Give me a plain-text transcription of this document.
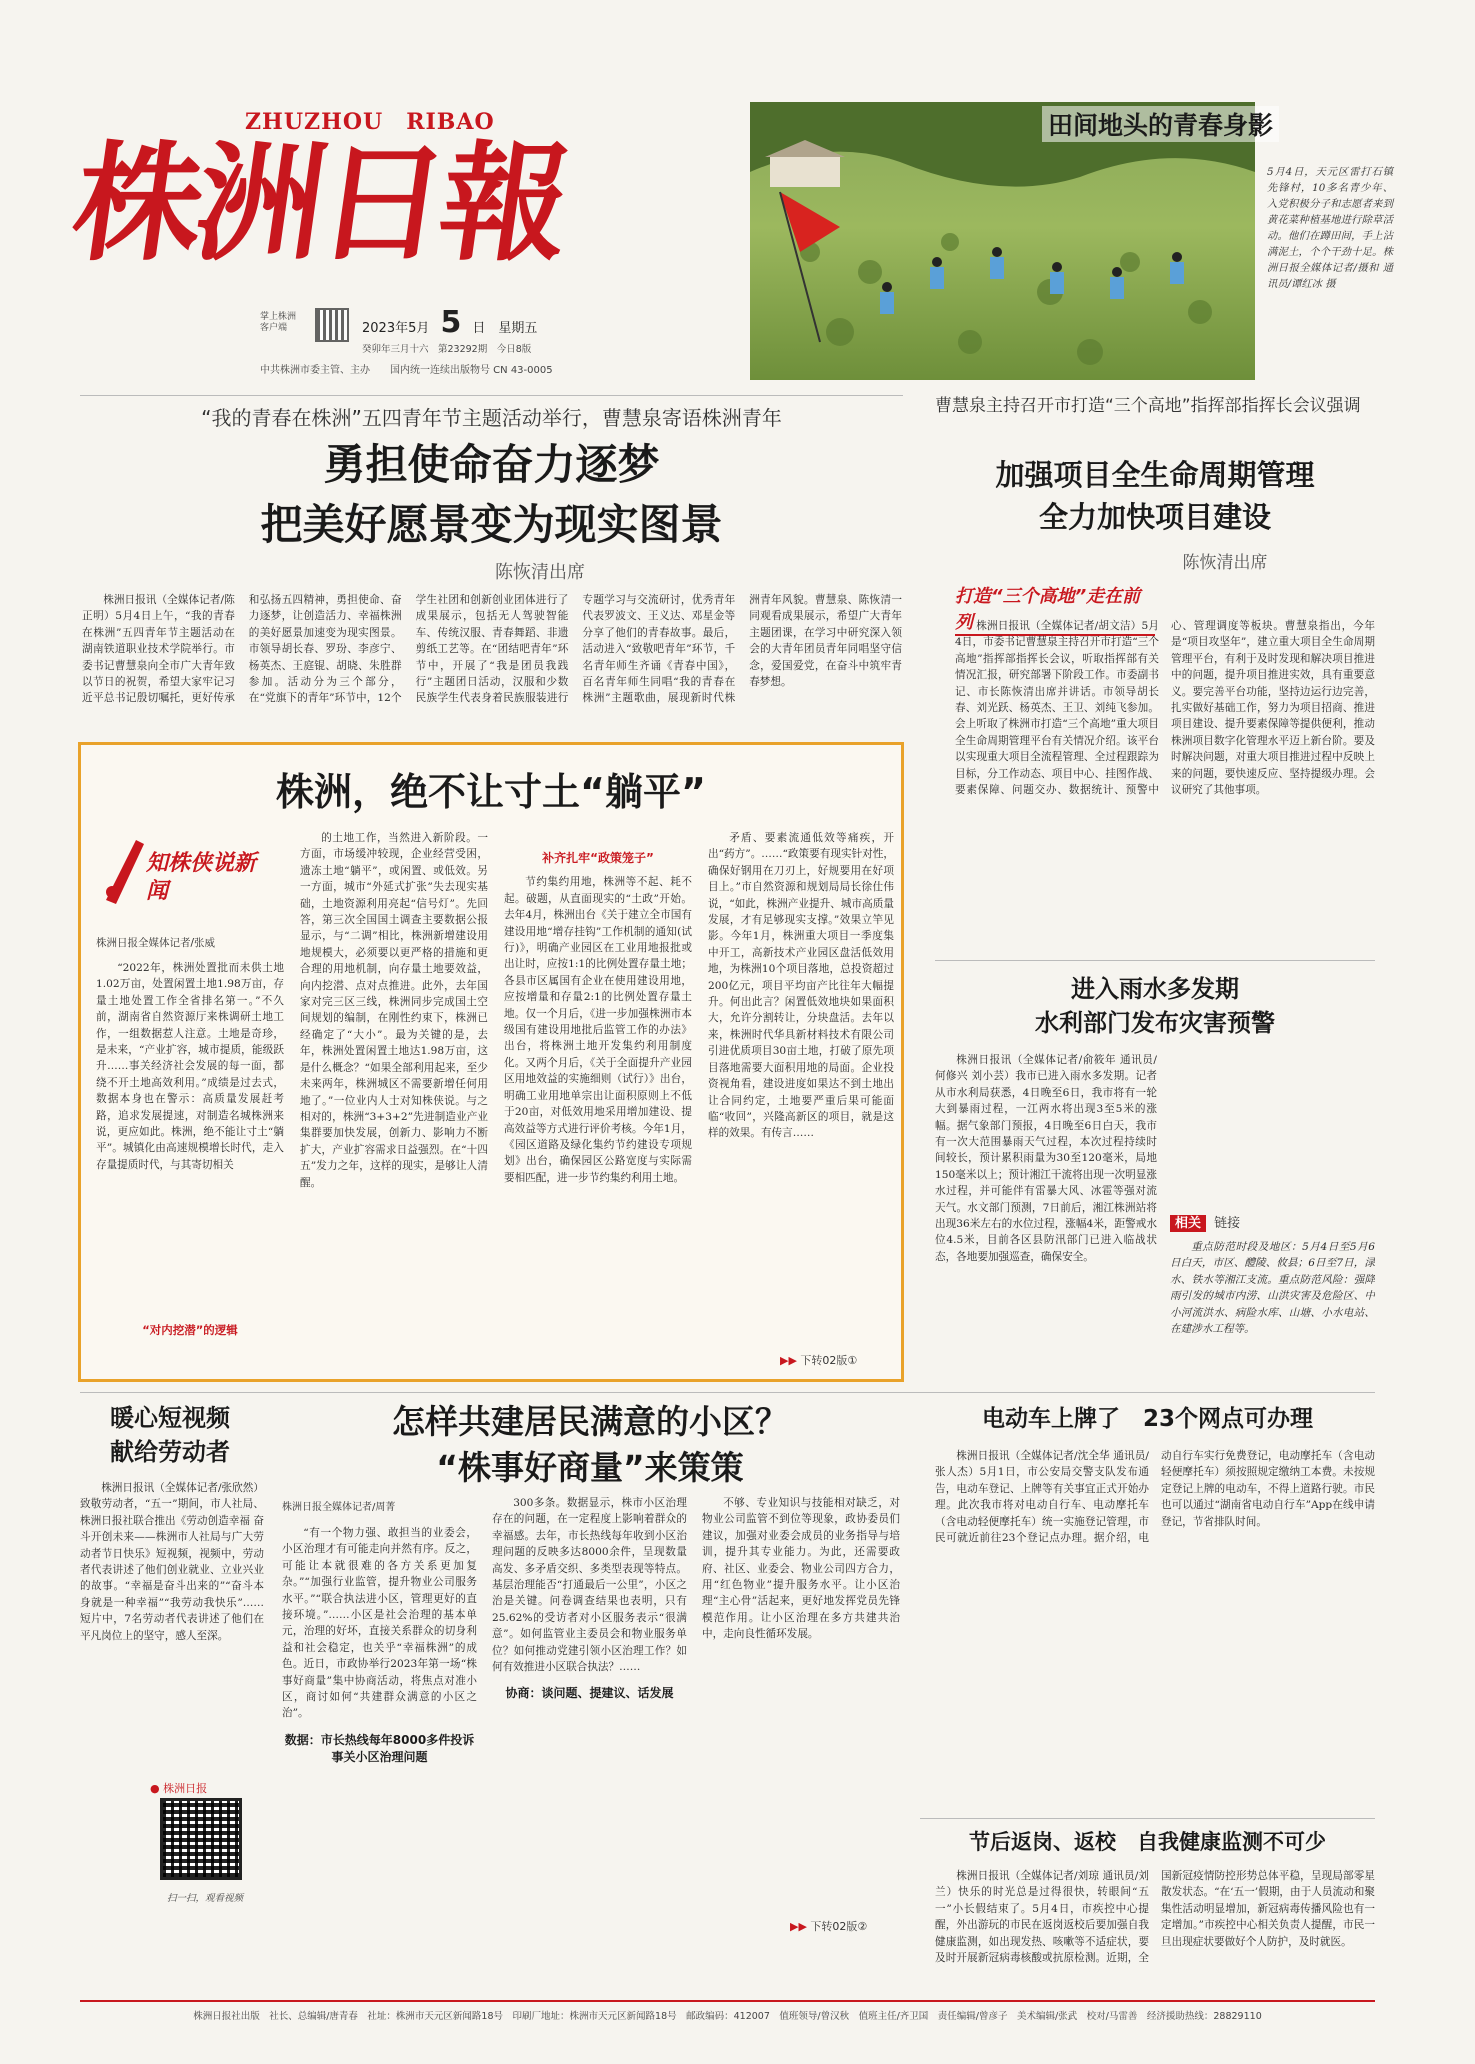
ZHUZHOU　RIBAO
株洲日報
掌上株洲
客户端	2023年5月 5 日　星期五
癸卯年三月十六　第23292期　今日8版
中共株洲市委主管、主办　　国内统一连续出版物号 CN 43-0005
田间地头的青春身影
5月4日，天元区雷打石镇先锋村，10多名青少年、入党积极分子和志愿者来到黄花菜种植基地进行除草活动。他们在蹲田间，手上沾满泥土，个个干劲十足。株洲日报全媒体记者/摄和 通讯员/谭红冰 摄
“我的青春在株洲”五四青年节主题活动举行，曹慧泉寄语株洲青年
勇担使命奋力逐梦
把美好愿景变为现实图景
陈恢清出席

株洲日报讯（全媒体记者/陈正明）5月4日上午，“我的青春在株洲”五四青年节主题活动在湖南铁道职业技术学院举行。市委书记曹慧泉向全市广大青年致以节日的祝贺，希望大家牢记习近平总书记殷切嘱托，更好传承和弘扬五四精神，勇担使命、奋力逐梦，让创造活力、幸福株洲的美好愿景加速变为现实图景。市领导胡长春、罗玢、李彦宁、杨英杰、王庭锟、胡晓、朱胜群参加。活动分为三个部分，在“党旗下的青年”环节中，12个学生社团和创新创业团体进行了成果展示，包括无人驾驶智能车、传统汉服、青春舞蹈、非遗剪纸工艺等。在“团结吧青年”环节中，开展了“我是团员我践行”主题团日活动，汉服和少数民族学生代表身着民族服装进行专题学习与交流研讨，优秀青年代表罗波文、王义达、邓星金等分享了他们的青春故事。最后，活动进入“致敬吧青年”环节，千名青年师生齐诵《青春中国》，百名青年师生同唱“我的青春在株洲”主题歌曲，展现新时代株洲青年风貌。曹慧泉、陈恢清一同观看成果展示，希望广大青年主题团课，在学习中研究深入领会的大青年团员青年同唱坚守信念，爱国爱党，在奋斗中筑牢青春梦想。

曹慧泉主持召开市打造“三个高地”指挥部指挥长会议强调
加强项目全生命周期管理
全力加快项目建设
陈恢清出席
打造“三个高地”走在前列 株洲日报讯（全媒体记者/胡文洁）5月4日，市委书记曹慧泉主持召开市打造“三个高地”指挥部指挥长会议，听取指挥部有关情况汇报，研究部署下阶段工作。市委副书记、市长陈恢清出席并讲话。市领导胡长春、刘光跃、杨英杰、王卫、刘纯飞参加。会上听取了株洲市打造“三个高地”重大项目全生命周期管理平台有关情况介绍。该平台以实现重大项目全流程管理、全过程跟踪为目标，分工作动态、项目中心、挂图作战、要素保障、问题交办、数据统计、预警中心、管理调度等板块。曹慧泉指出，今年是“项目攻坚年”，建立重大项目全生命周期管理平台，有利于及时发现和解决项目推进中的问题，提升项目推进实效，具有重要意义。要完善平台功能，坚持边运行边完善，扎实做好基础工作，努力为项目招商、推进项目建设、提升要素保障等提供便利，推动株洲项目数字化管理水平迈上新台阶。要及时解决问题，对重大项目推进过程中反映上来的问题，要快速反应、坚持提级办理。会议研究了其他事项。

株洲，绝不让寸土“躺平”
知株侠说新闻
株洲日报全媒体记者/张威

“2022年，株洲处置批而未供土地1.02万亩，处置闲置土地1.98万亩，存量土地处置工作全省排名第一。”不久前，湖南省自然资源厅来株调研土地工作，一组数据惹人注意。土地是奇珍，是未来，“产业扩容，城市提质，能级跃升……事关经济社会发展的每一面，都绕不开土地高效利用。”成绩是过去式，数据本身也在警示：高质量发展赶考路，追求发展提速，对制造名城株洲来说，更应如此。株洲，绝不能让寸土“躺平”。城镇化由高速规模增长时代，走入存量提质时代，与其寄切相关

“对内挖潜”的逻辑

的土地工作，当然进入新阶段。一方面，市场缓冲较现，企业经营受困，遗冻土地“躺平”，或闲置、或低效。另一方面，城市“外延式扩张”失去现实基础，土地资源利用亮起“信号灯”。先回答，第三次全国国土调查主要数据公报显示，与“二调”相比，株洲新增建设用地规模大，必须要以更严格的措施和更合理的用地机制，向存量土地要效益，向内挖潜、点对点推进。此外，去年国家对完三区三线，株洲同步完成国土空间规划的编制，在刚性约束下，株洲已经确定了“大小”。最为关键的是，去年，株洲处置闲置土地达1.98万亩，这是什么概念？“如果全部利用起来，至少未来两年，株洲城区不需要新增任何用地了。”一位业内人士对知株侠说。与之相对的，株洲“3+3+2”先进制造业产业集群要加快发展，创新力、影响力不断扩大，产业扩容需求日益强烈。在“十四五”发力之年，这样的现实，是够让人清醒。

补齐扎牢“政策笼子”

节约集约用地，株洲等不起、耗不起。破题，从直面现实的“土政”开始。去年4月，株洲出台《关于建立全市国有建设用地“增存挂钩”工作机制的通知(试行)》，明确产业园区在工业用地报批或出让时，应按1:1的比例处置存量土地；各县市区属国有企业在使用建设用地，应按增量和存量2:1的比例处置存量土地。仅一个月后，《进一步加强株洲市本级国有建设用地批后监管工作的办法》出台，将株洲土地开发集约利用制度化。又两个月后，《关于全面提升产业园区用地效益的实施细则（试行）》出台，明确工业用地单宗出让面积原则上不低于20亩，对低效用地采用增加建设、提高效益等方式进行评价考核。今年1月，《园区道路及绿化集约节约建设专项规划》出台，确保园区公路宽度与实际需要相匹配，进一步节约集约利用土地。

矛盾、要素流通低效等痛疾，开出“药方”。……“政策要有现实针对性，确保好钢用在刀刃上，好规要用在好项目上。”市自然资源和规划局局长徐仕伟说，“如此，株洲产业提升、城市高质量发展，才有足够现实支撑。”效果立竿见影。今年1月，株洲重大项目一季度集中开工，高新技术产业园区盘活低效用地，为株洲10个项目落地，总投资超过200亿元，项目平均亩产比往年大幅提升。何出此言？闲置低效地块如果面积大，允许分割转让，分块盘活。去年以来，株洲时代华具新材料技术有限公司引进优质项目30亩土地，打破了原先项目落地需要大面积用地的局面。企业投资视角看，建设进度如果达不到土地出让合同约定，土地要严重后果可能面临“收回”，兴隆高新区的项目，就是这样的效果。有传言……

▶▶ 下转02版①
进入雨水多发期
水利部门发布灾害预警

株洲日报讯（全媒体记者/俞筱年 通讯员/何修兴 刘小芸）我市已进入雨水多发期。记者从市水利局获悉，4日晚至6日，我市将有一轮大到暴雨过程，一江两水将出现3至5米的涨幅。据气象部门预报，4日晚至6日白天，我市有一次大范围暴雨天气过程，本次过程持续时间较长，预计累积雨量为30至120毫米，局地150毫米以上；预计湘江干流将出现一次明显涨水过程，并可能伴有雷暴大风、冰雹等强对流天气。水文部门预测，7日前后，湘江株洲站将出现36米左右的水位过程，涨幅4米，距警戒水位4.5米，目前各区县防汛部门已进入临战状态，各地要加强巡查，确保安全。

相关 链接

重点防范时段及地区：5月4日至5月6日白天，市区、醴陵、攸县；6日至7日，渌水、铁水等湘江支流。重点防范风险：强降雨引发的城市内涝、山洪灾害及危险区、中小河流洪水、病险水库、山塘、小水电站、在建涉水工程等。

暖心短视频
献给劳动者

株洲日报讯（全媒体记者/张欣然）致敬劳动者，“五一”期间，市人社局、株洲日报社联合推出《劳动创造幸福 奋斗开创未来——株洲市人社局与广大劳动者节日快乐》短视频，视频中，劳动者代表讲述了他们创业就业、立业兴业的故事。“幸福是奋斗出来的”“奋斗本身就是一种幸福”“我劳动我快乐”……短片中，7名劳动者代表讲述了他们在平凡岗位上的坚守，感人至深。

● 株洲日报
扫一扫，观看视频
怎样共建居民满意的小区？
“株事好商量”来策策
株洲日报全媒体记者/周菁

“有一个物力强、敢担当的业委会，小区治理才有可能走向并然有序。反之，可能让本就很难的各方关系更加复杂。”“加强行业监管，提升物业公司服务水平。”“联合执法进小区，管理更好的直接环境。”……小区是社会治理的基本单元，治理的好坏，直接关系群众的切身利益和社会稳定，也关乎“幸福株洲”的成色。近日，市政协举行2023年第一场“株事好商量”集中协商活动，将焦点对准小区，商讨如何“共建群众满意的小区之治”。

数据：市长热线每年8000多件投诉事关小区治理问题

300多条。数据显示，株市小区治理存在的问题，在一定程度上影响着群众的幸福感。去年，市长热线每年收到小区治理问题的反映多达8000余件，呈现数量高发、多矛盾交织、多类型表现等特点。基层治理能否“打通最后一公里”，小区之治是关键。问卷调查结果也表明，只有25.62%的受访者对小区服务表示“很满意”。如何监管业主委员会和物业服务单位？如何推动党建引领小区治理工作？如何有效推进小区联合执法？……

协商：谈问题、提建议、话发展

不够、专业知识与技能相对缺乏，对物业公司监管不到位等现象，政协委员们建议，加强对业委会成员的业务指导与培训，提升其专业能力。为此，还需要政府、社区、业委会、物业公司四方合力，用“红色物业”提升服务水平。让小区治理“主心骨”活起来，更好地发挥党员先锋模范作用。让小区治理在多方共建共治中，走向良性循环发展。

▶▶ 下转02版②
电动车上牌了　23个网点可办理

株洲日报讯（全媒体记者/沈全华 通讯员/张人杰）5月1日，市公安局交警支队发布通告，电动车登记、上牌等有关事宜正式开始办理。此次我市将对电动自行车、电动摩托车（含电动轻便摩托车）统一实施登记管理，市民可就近前往23个登记点办理。据介绍，电动自行车实行免费登记，电动摩托车（含电动轻便摩托车）须按照规定缴纳工本费。未按规定登记上牌的电动车，不得上道路行驶。市民也可以通过“湖南省电动自行车”App在线申请登记，节省排队时间。

节后返岗、返校　自我健康监测不可少

株洲日报讯（全媒体记者/刘琼 通讯员/刘兰）快乐的时光总是过得很快，转眼间“五一”小长假结束了。5月4日，市疾控中心提醒，外出游玩的市民在返岗返校后要加强自我健康监测，如出现发热、咳嗽等不适症状，要及时开展新冠病毒核酸或抗原检测。近期，全国新冠疫情防控形势总体平稳，呈现局部零星散发状态。“在‘五一’假期，由于人员流动和聚集性活动明显增加，新冠病毒传播风险也有一定增加。”市疾控中心相关负责人提醒，市民一旦出现症状要做好个人防护，及时就医。

株洲日报社出版　社长、总编辑/唐青春　社址：株洲市天元区新闻路18号　印刷厂地址：株洲市天元区新闻路18号　邮政编码：412007　值班领导/曾汉秋　值班主任/齐卫国　责任编辑/曾彦子　美术编辑/张武　校对/马雷善　经济援助热线：28829110
